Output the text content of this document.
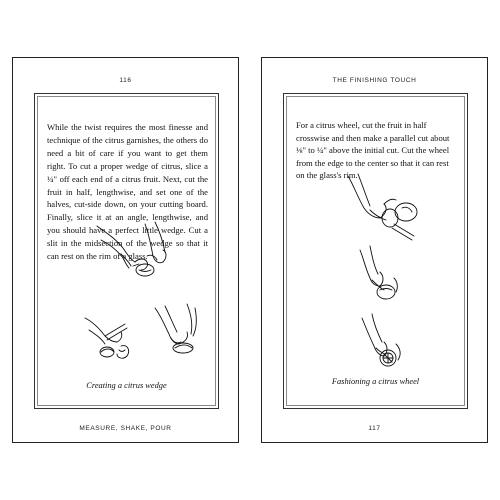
116
While the twist requires the most finesse and technique of the citrus garnishes, the others do need a bit of care if you want to get them right. To cut a proper wedge of citrus, slice a ¼" off each end of a citrus fruit. Next, cut the fruit in half, lengthwise, and set one of the halves, cut-side down, on your cutting board. Finally, slice it at an angle, lengthwise, and you should have a perfect little wedge. Cut a slit in the midsection of the wedge so that it can rest on the rim of a glass.
Creating a citrus wedge
MEASURE, SHAKE, POUR
THE FINISHING TOUCH
For a citrus wheel, cut the fruit in half crosswise and then make a parallel cut about ⅛" to ¼" above the initial cut. Cut the wheel from the edge to the center so that it can rest on the glass's rim.
Fashioning a citrus wheel
117
